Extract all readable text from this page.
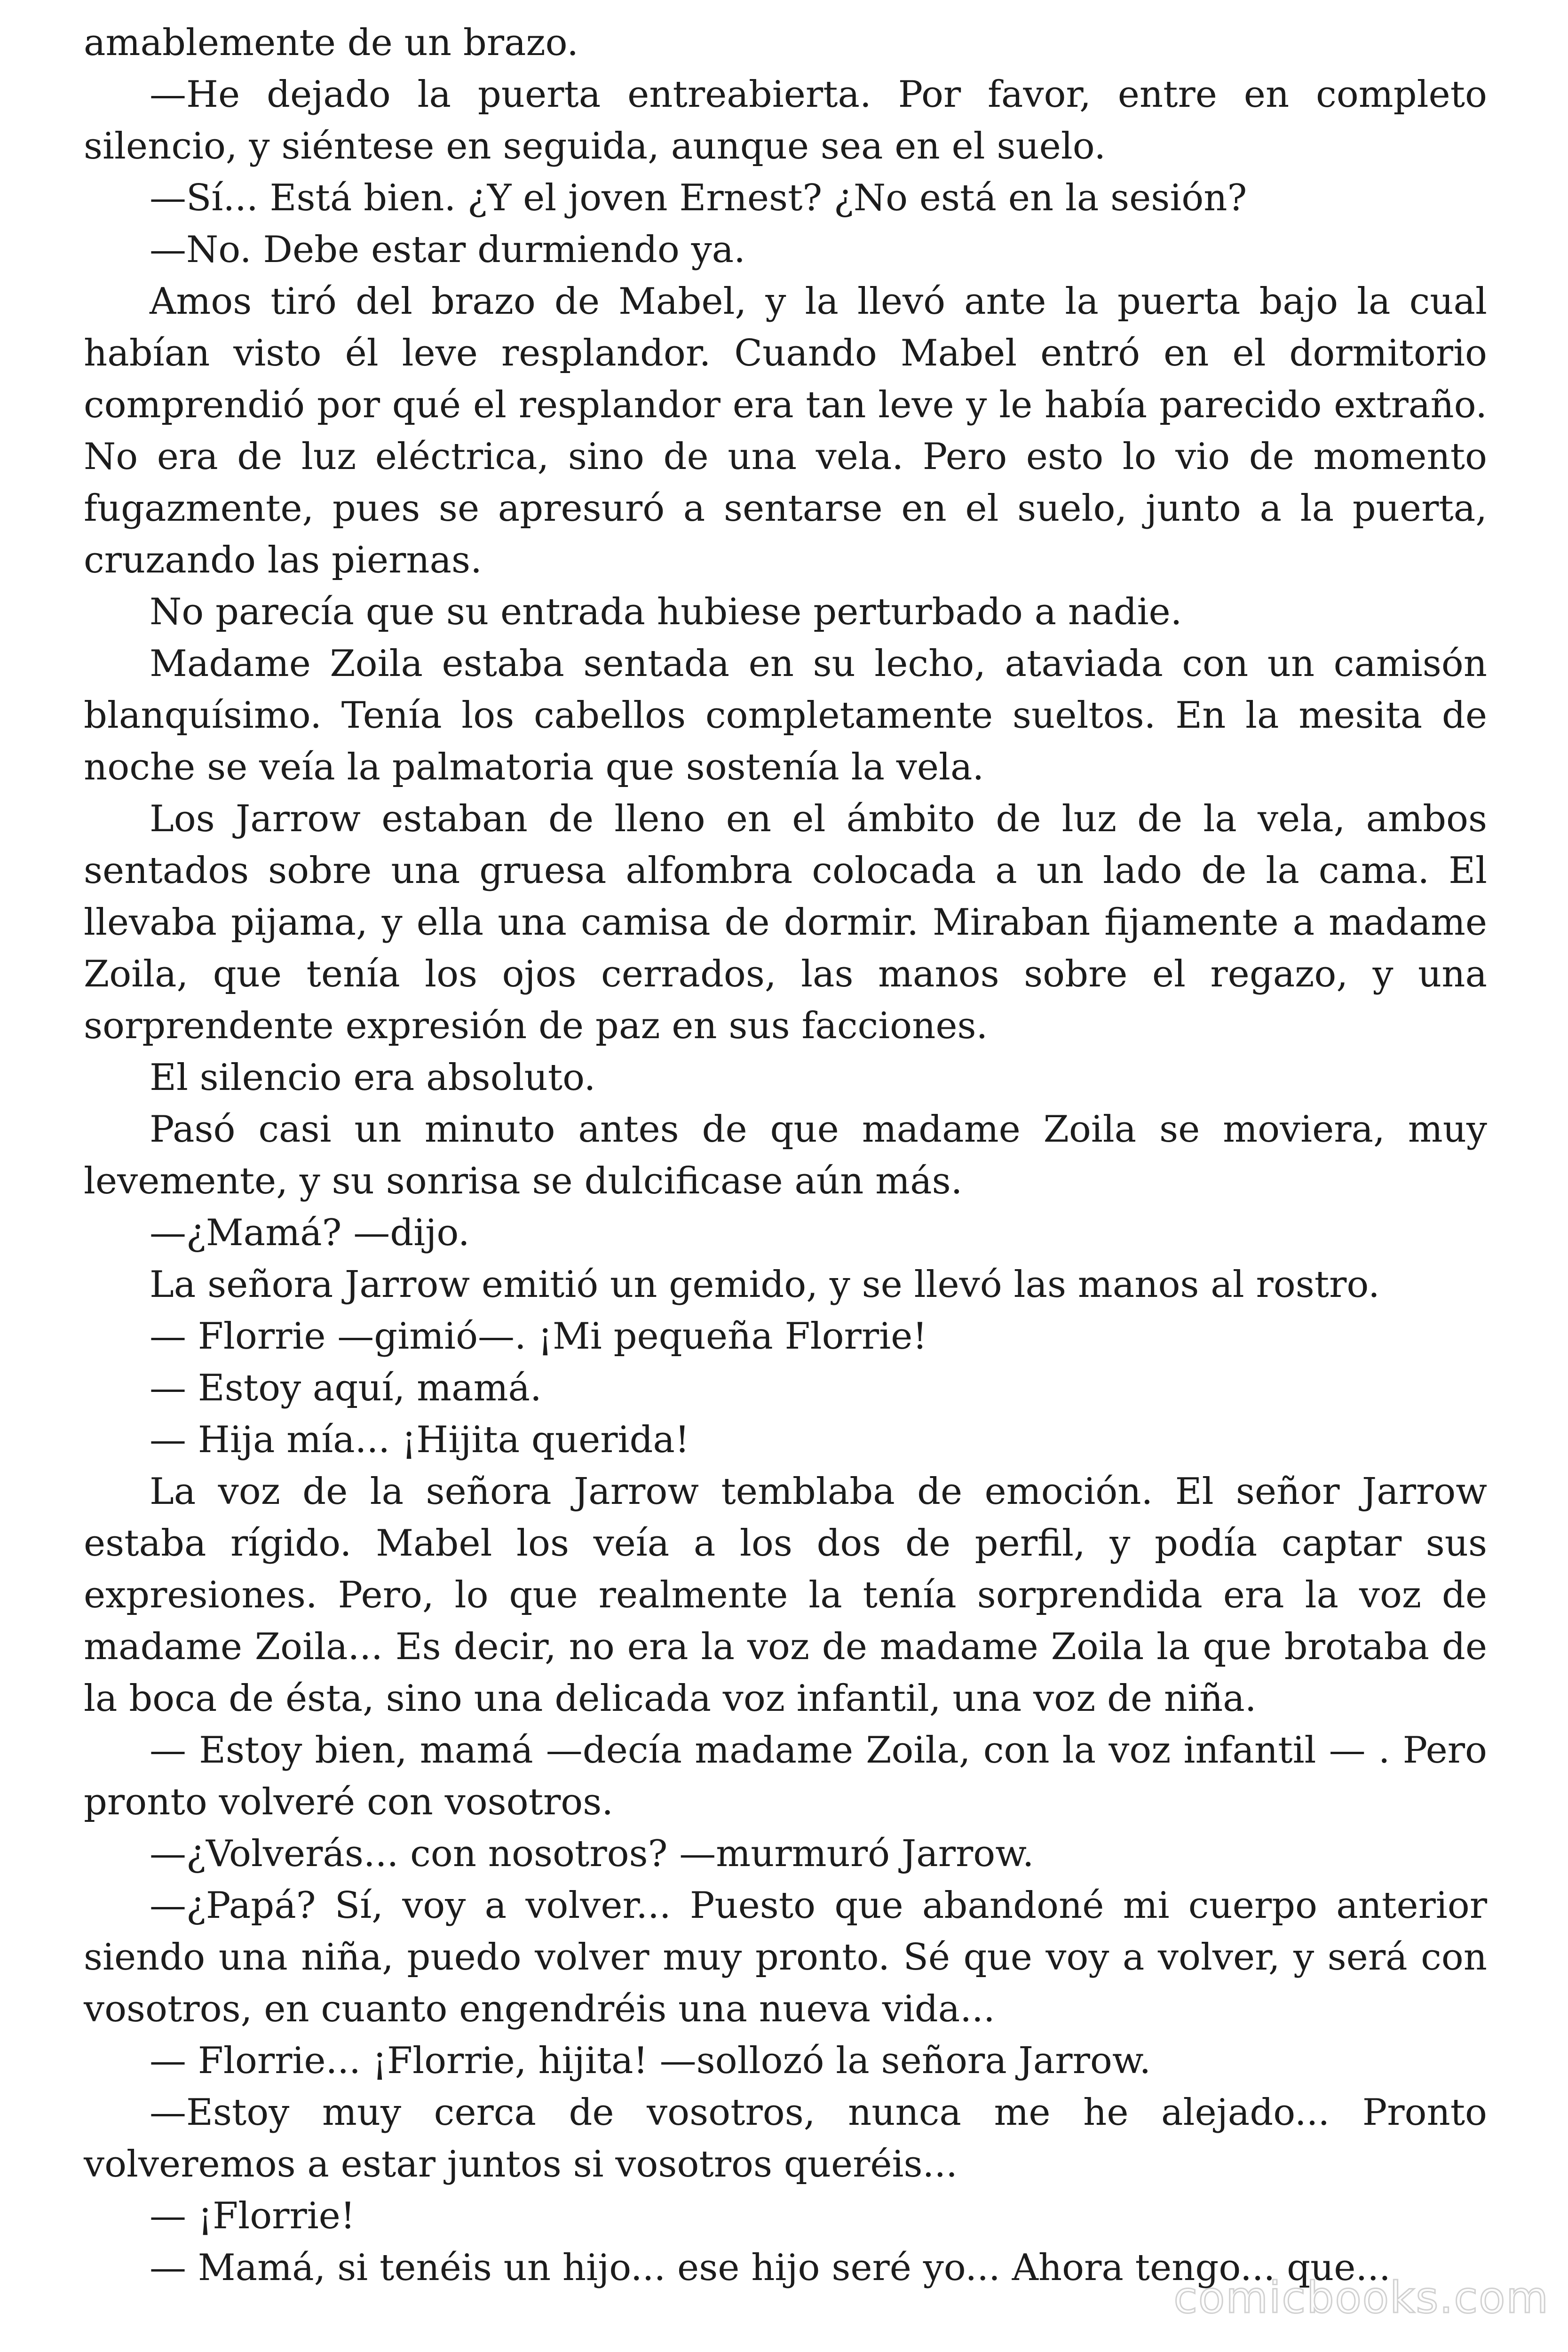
amablemente de un brazo.

—He dejado la puerta entreabierta. Por favor, entre en completo silencio, y siéntese en seguida, aunque sea en el suelo.

—Sí... Está bien. ¿Y el joven Ernest? ¿No está en la sesión?

—No. Debe estar durmiendo ya.

Amos tiró del brazo de Mabel, y la llevó ante la puerta bajo la cual habían visto él leve resplandor. Cuando Mabel entró en el dormitorio comprendió por qué el resplandor era tan leve y le había parecido extraño. No era de luz eléctrica, sino de una vela. Pero esto lo vio de momento fugazmente, pues se apresuró a sentarse en el suelo, junto a la puerta, cruzando las piernas.

No parecía que su entrada hubiese perturbado a nadie.

Madame Zoila estaba sentada en su lecho, ataviada con un camisón blanquísimo. Tenía los cabellos completamente sueltos. En la mesita de noche se veía la palmatoria que sostenía la vela.

Los Jarrow estaban de lleno en el ámbito de luz de la vela, ambos sentados sobre una gruesa alfombra colocada a un lado de la cama. El llevaba pijama, y ella una camisa de dormir. Miraban fijamente a madame Zoila, que tenía los ojos cerrados, las manos sobre el regazo, y una sorprendente expresión de paz en sus facciones.

El silencio era absoluto.

Pasó casi un minuto antes de que madame Zoila se moviera, muy levemente, y su sonrisa se dulcificase aún más.

—¿Mamá? —dijo.

La señora Jarrow emitió un gemido, y se llevó las manos al rostro.

— Florrie —gimió—. ¡Mi pequeña Florrie!

— Estoy aquí, mamá.

— Hija mía... ¡Hijita querida!

La voz de la señora Jarrow temblaba de emoción. El señor Jarrow estaba rígido. Mabel los veía a los dos de perfil, y podía captar sus expresiones. Pero, lo que realmente la tenía sorprendida era la voz de madame Zoila... Es decir, no era la voz de madame Zoila la que brotaba de la boca de ésta, sino una delicada voz infantil, una voz de niña.

— Estoy bien, mamá —decía madame Zoila, con la voz infantil — . Pero pronto volveré con vosotros.

—¿Volverás... con nosotros? —murmuró Jarrow.

—¿Papá? Sí, voy a volver... Puesto que abandoné mi cuerpo anterior siendo una niña, puedo volver muy pronto. Sé que voy a volver, y será con vosotros, en cuanto engendréis una nueva vida...

— Florrie... ¡Florrie, hijita! —sollozó la señora Jarrow.

—Estoy muy cerca de vosotros, nunca me he alejado... Pronto volveremos a estar juntos si vosotros queréis...

— ¡Florrie!

— Mamá, si tenéis un hijo... ese hijo seré yo... Ahora tengo... que...

comicbooks.com
